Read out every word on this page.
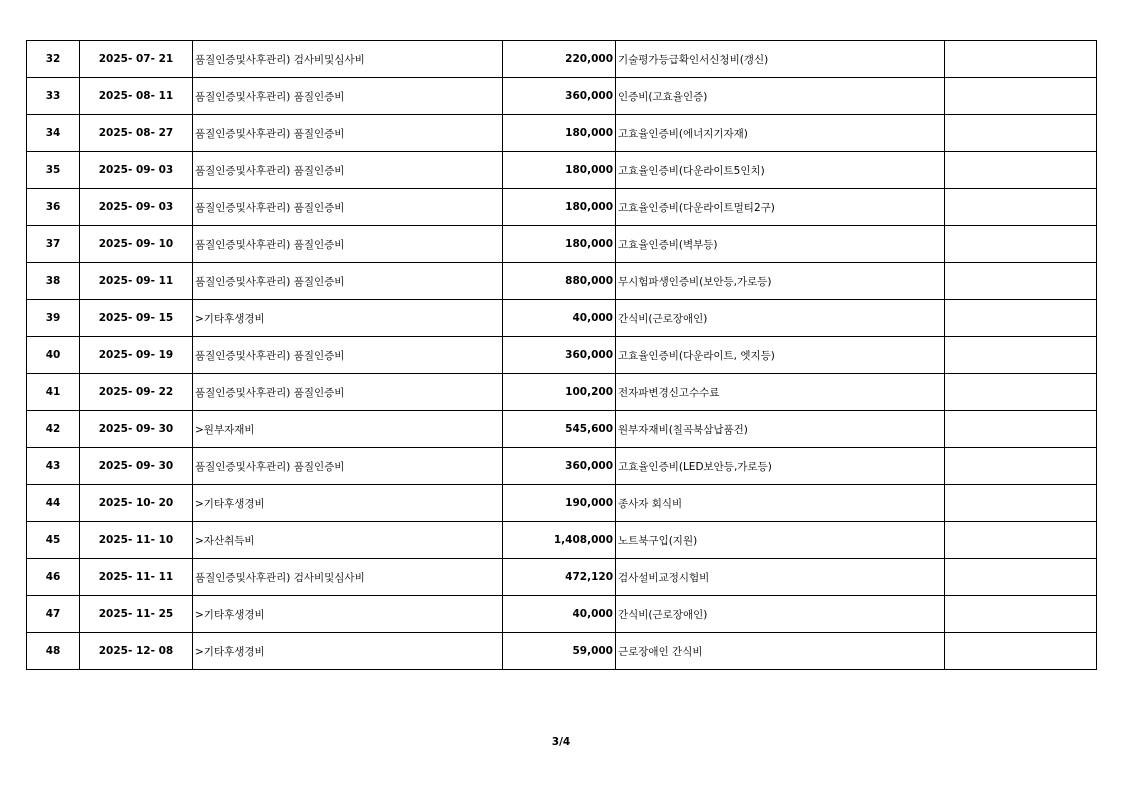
32	2025- 07- 21	품질인증및사후관리) 검사비및심사비	220,000	기술평가등급확인서신청비(갱신)	
33	2025- 08- 11	품질인증및사후관리) 품질인증비	360,000	인증비(고효율인증)	
34	2025- 08- 27	품질인증및사후관리) 품질인증비	180,000	고효율인증비(에너지기자재)	
35	2025- 09- 03	품질인증및사후관리) 품질인증비	180,000	고효율인증비(다운라이트5인치)	
36	2025- 09- 03	품질인증및사후관리) 품질인증비	180,000	고효율인증비(다운라이트멀티2구)	
37	2025- 09- 10	품질인증및사후관리) 품질인증비	180,000	고효율인증비(벽부등)	
38	2025- 09- 11	품질인증및사후관리) 품질인증비	880,000	무시험파생인증비(보안등,가로등)	
39	2025- 09- 15	>기타후생경비	40,000	간식비(근로장애인)	
40	2025- 09- 19	품질인증및사후관리) 품질인증비	360,000	고효율인증비(다운라이트, 엣지등)	
41	2025- 09- 22	품질인증및사후관리) 품질인증비	100,200	전자파변경신고수수료	
42	2025- 09- 30	>원부자재비	545,600	원부자재비(칠곡북삼납품건)	
43	2025- 09- 30	품질인증및사후관리) 품질인증비	360,000	고효율인증비(LED보안등,가로등)	
44	2025- 10- 20	>기타후생경비	190,000	종사자 회식비	
45	2025- 11- 10	>자산취득비	1,408,000	노트북구입(지원)	
46	2025- 11- 11	품질인증및사후관리) 검사비및심사비	472,120	검사설비교정시험비	
47	2025- 11- 25	>기타후생경비	40,000	간식비(근로장애인)	
48	2025- 12- 08	>기타후생경비	59,000	근로장애인 간식비	
3/4
